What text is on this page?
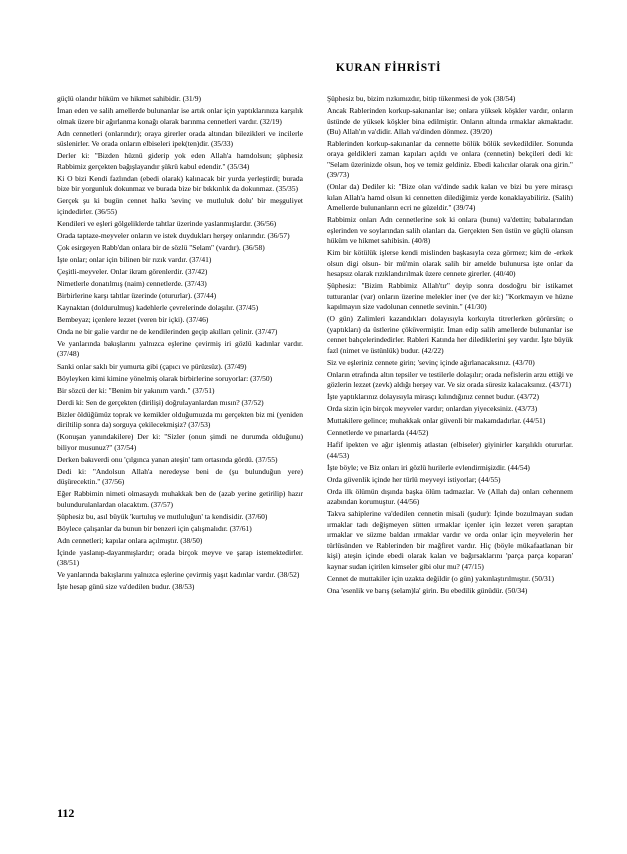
KURAN FİHRİSTİ

güçlü olandır hüküm ve hikmet sahibidir. (31/9)

İman eden ve salih amellerde bulunanlar ise artık onlar için yaptıklarınıza karşılık olmak üzere bir ağırlanma konağı olarak barınma cennetleri vardır. (32/19)

Adn cennetleri (onlarındır); oraya girerler orada altından bilezikleri ve incilerle süslenirler. Ve orada onların elbiseleri ipek(ten)dir. (35/33)

Derler ki: "Bizden hüznü giderip yok eden Allah'a hamdolsun; şüphesiz Rabbimiz gerçekten bağışlayandır şükrü kabul edendir." (35/34)

Ki O bizi Kendi fazlından (ebedi olarak) kalınacak bir yurda yerleştirdi; burada bize bir yorgunluk dokunmaz ve burada bize bir bıkkınlık da dokunmaz. (35/35)

Gerçek şu ki bugün cennet halkı 'sevinç ve mutluluk dolu' bir meşguliyet içindedirler. (36/55)

Kendileri ve eşleri gölgeliklerde tahtlar üzerinde yaslanmışlardır. (36/56)

Orada taptaze-meyveler onların ve istek duydukları herşey onlarındır. (36/57)

Çok esirgeyen Rabb'dan onlara bir de sözlü "Selam" (vardır). (36/58)

İşte onlar; onlar için bilinen bir rızık vardır. (37/41)

Çeşitli-meyveler. Onlar ikram görenlerdir. (37/42)

Nimetlerle donatılmış (naim) cennetlerde. (37/43)

Birbirlerine karşı tahtlar üzerinde (otururlar). (37/44)

Kaynaktan (doldurulmuş) kadehlerle çevrelerinde dolaşılır. (37/45)

Bembeyaz; içenlere lezzet (veren bir içki). (37/46)

Onda ne bir galie vardır ne de kendilerinden geçip akılları çelinir. (37/47)

Ve yanlarında bakışlarını yalnızca eşlerine çevirmiş iri gözlü kadınlar vardır. (37/48)

Sanki onlar saklı bir yumurta gibi (çapıcı ve pürüzsüz). (37/49)

Böyleyken kimi kimine yönelmiş olarak birbirlerine soruyorlar: (37/50)

Bir sözcü der ki: "Benim bir yakınım vardı." (37/51)

Derdi ki: Sen de gerçekten (dirilişi) doğrulayanlardan mısın? (37/52)

Bizler öldüğümüz toprak ve kemikler olduğumuzda mı gerçekten biz mi (yeniden diriltilip sonra da) sorguya çekilecekmişiz? (37/53)

(Konuşan yanındakilere) Der ki: "Sizler (onun şimdi ne durumda olduğunu) biliyor musunuz?" (37/54)

Derken bakıverdi onu 'çılgınca yanan ateşin' tam ortasında gördü. (37/55)

Dedi ki: "Andolsun Allah'a neredeyse beni de (şu bulunduğun yere) düşürecektin." (37/56)

Eğer Rabbimin nimeti olmasaydı muhakkak ben de (azab yerine getirilip) hazır bulundurulanlardan olacaktım. (37/57)

Şüphesiz bu, asıl büyük 'kurtuluş ve mutluluğun' ta kendisidir. (37/60)

Böylece çalışanlar da bunun bir benzeri için çalışmalıdır. (37/61)

Adn cennetleri; kapılar onlara açılmıştır. (38/50)

İçinde yaslanıp-dayanmışlardır; orada birçok meyve ve şarap istemektedirler. (38/51)

Ve yanlarında bakışlarını yalnızca eşlerine çevirmiş yaşıt kadınlar vardır. (38/52)

İşte hesap günü size va'dedilen budur. (38/53)

Şüphesiz bu, bizim rızkımızdır, bitip tükenmesi de yok (38/54)

Ancak Rablerinden korkup-sakınanlar ise; onlara yüksek köşkler vardır, onların üstünde de yüksek köşkler bina edilmiştir. Onların altında ırmaklar akmaktadır. (Bu) Allah'ın va'didir. Allah va'dinden dönmez. (39/20)

Rablerinden korkup-sakınanlar da cennette bölük bölük sevkedildiler. Sonunda oraya geldikleri zaman kapıları açıldı ve onlara (cennetin) bekçileri dedi ki: "Selam üzerinizde olsun, hoş ve temiz geldiniz. Ebedi kalıcılar olarak ona girin." (39/73)

(Onlar da) Dediler ki: "Bize olan va'dinde sadık kalan ve bizi bu yere mirasçı kılan Allah'a hamd olsun ki cennetten dilediğimiz yerde konaklayabiliriz. (Salih) Amellerde bulunanların ecri ne güzeldir." (39/74)

Rabbimiz onları Adn cennetlerine sok ki onlara (bunu) va'dettin; babalarından eşlerinden ve soylarından salih olanları da. Gerçekten Sen üstün ve güçlü olansın hüküm ve hikmet sahibisin. (40/8)

Kim bir kötülük işlerse kendi mislinden başkasıyla ceza görmez; kim de -erkek olsun digi olsun- bir mü'min olarak salih bir amelde bulunursa işte onlar da hesapsız olarak rızıklandırılmak üzere cennete girerler. (40/40)

Şüphesiz: "Bizim Rabbimiz Allah'tır" deyip sonra dosdoğru bir istikamet tutturanlar (var) onların üzerine melekler iner (ve der ki:) "Korkmayın ve hüzne kapılmayın size vadolunan cennetle sevinin." (41/30)

(O gün) Zalimleri kazandıkları dolayısıyla korkuyla titrerlerken görürsün; o (yaptıkları) da üstlerine çöküvermiştir. İman edip salih amellerde bulunanlar ise cennet bahçelerindedirler. Rableri Katında her dilediklerini şey vardır. İşte büyük fazl (nimet ve üstünlük) budur. (42/22)

Siz ve eşleriniz cennete girin; 'sevinç içinde ağırlanacaksınız. (43/70)

Onların etrafında altın tepsiler ve testilerle dolaşılır; orada nefislerin arzu ettiği ve gözlerin lezzet (zevk) aldığı herşey var. Ve siz orada süresiz kalacaksınız. (43/71)

İşte yaptıklarınız dolayısıyla mirasçı kılındığınız cennet budur. (43/72)

Orda sizin için birçok meyveler vardır; onlardan yiyeceksiniz. (43/73)

Muttakilere gelince; muhakkak onlar güvenli bir makamdadırlar. (44/51)

Cennetlerde ve pınarlarda (44/52)

Hafif ipekten ve ağır işlenmiş atlastan (elbiseler) giyinirler karşılıklı otururlar. (44/53)

İşte böyle; ve Biz onları iri gözlü hurilerle evlendirmişizdir. (44/54)

Orda güvenlik içinde her türlü meyveyi istiyorlar; (44/55)

Orda ilk ölümün dışında başka ölüm tadmazlar. Ve (Allah da) onları cehennem azabından korumuştur. (44/56)

Takva sahiplerine va'dedilen cennetin misali (şudur): İçinde bozulmayan sudan ırmaklar tadı değişmeyen sütten ırmaklar içenler için lezzet veren şaraptan ırmaklar ve süzme baldan ırmaklar vardır ve orda onlar için meyvelerin her türlüsünden ve Rablerinden bir mağfiret vardır. Hiç (böyle mükafaatlanan bir kişi) ateşin içinde ebedi olarak kalan ve bağırsaklarını 'parça parça koparan' kaynar sudan içirilen kimseler gibi olur mu? (47/15)

Cennet de muttakiler için uzakta değildir (o gün) yakınlaştırılmıştır. (50/31)

Ona 'esenlik ve barış (selam)la' girin. Bu ebedilik günüdür. (50/34)

112
